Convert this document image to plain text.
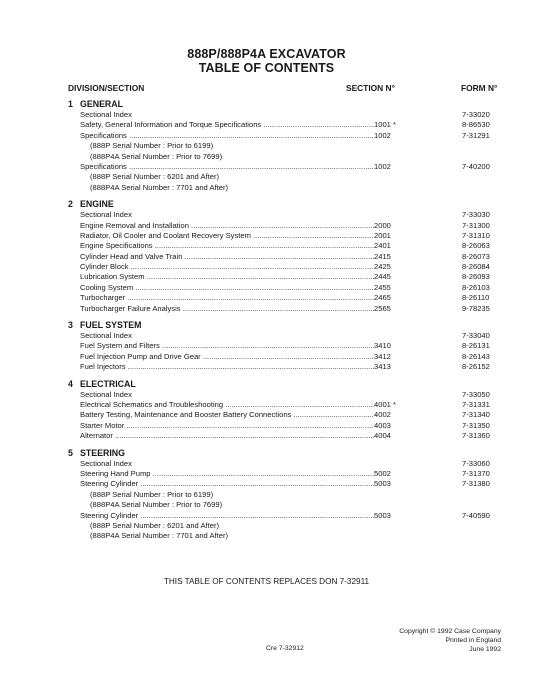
888P/888P4A EXCAVATOR
TABLE OF CONTENTS
DIVISION/SECTION	SECTION N°	FORM N°
1 GENERAL
Sectional Index	7-33020
Safety, General Information and Torque Specifications .....	1001 *	8-86530
Specifications .....	1002	7-31291
(888P Serial Number : Prior to 6199)
(888P4A Serial Number : Prior to 7699)
Specifications .....	1002	7-40200
(888P Serial Number : 6201 and After)
(888P4A Serial Number : 7701 and After)
2 ENGINE
Sectional Index	7-33030
Engine Removal and Installation .....	2000	7-31300
Radiator, Oil Cooler and Coolant Recovery System .....	2001	7-31310
Engine Specifications .....	2401	8-26063
Cylinder Head and Valve Train .....	2415	8-26073
Cylinder Block .....	2425	8-26084
Lubrication System .....	2445	8-26093
Cooling System .....	2455	8-26103
Turbocharger .....	2465	8-26110
Turbocharger Failure Analysis .....	2565	9-78235
3 FUEL SYSTEM
Sectional Index	7-33040
Fuel System and Filters .....	3410	8-26131
Fuel Injection Pump and Drive Gear .....	3412	8-26143
Fuel Injectors .....	3413	8-26152
4 ELECTRICAL
Sectional Index	7-33050
Electrical Schematics and Troubleshooting .....	4001 *	7-31331
Battery Testing, Maintenance and Booster Battery Connections .....	4002	7-31340
Starter Motor .....	4003	7-31350
Alternator .....	4004	7-31360
5 STEERING
Sectional Index	7-33060
Steering Hand Pump .....	5002	7-31370
Steering Cylinder .....	5003	7-31380
(888P Serial Number : Prior to 6199)
(888P4A Serial Number : Prior to 7699)
Steering Cylinder .....	5003	7-40590
(888P Serial Number : 6201 and After)
(888P4A Serial Number : 7701 and After)
THIS TABLE OF CONTENTS REPLACES DON 7-32911
Copyright © 1992 Case Company
Printed in England
June 1992
Cre 7-32912
